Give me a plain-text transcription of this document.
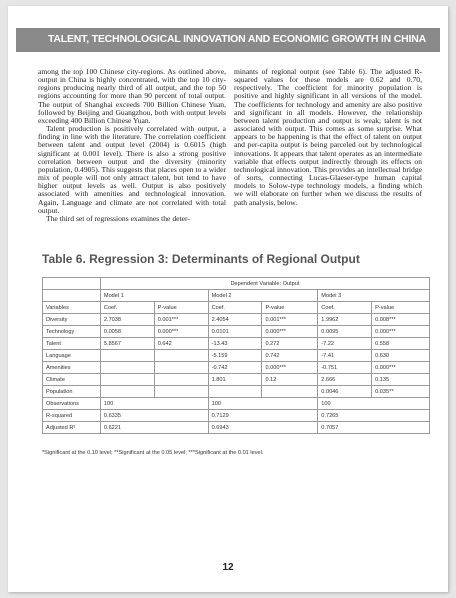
TALENT, TECHNOLOGICAL INNOVATION AND ECONOMIC GROWTH IN CHINA

among the top 100 Chinese city-regions. As outlined above, output in China is highly concentrated, with the top 10 city-regions producing nearly third of all output, and the top 50 regions accounting for more than 90 percent of total output. The output of Shanghai exceeds 700 Billion Chinese Yuan, followed by Beijing and Guangzhou, both with output levels exceeding 400 Billion Chinese Yuan.

Talent production is positively correlated with output, a finding in line with the literature. The correlation coefficient between talent and output level (2004) is 0.6015 (high significant at 0.001 level). There is also a strong positive correlation between output and the diversity (minority population, 0.4905). This suggests that places open to a wider mix of people will not only attract talent, but tend to have higher output levels as well. Output is also positively associated with amenities and technological innovation. Again, Language and climate are not correlated with total output.

The third set of regressions examines the deter-

minants of regional output (see Table 6). The adjusted R-squared values for these models are 0.62 and 0.70, respectively. The coefficient for minority population is positive and highly significant in all versions of the model. The coefficients for technology and amenity are also positive and significant in all models. However, the relationship between talent production and output is weak; talent is not associated with output. This comes as some surprise. What appears to be happening is that the effect of talent on output and per-capita output is being parceled out by technological innovations. It appears that talent operates as an intermediate variable that effects output indirectly through its effects on technological innovation. This provides an intellectual bridge of sorts, connecting Lucas-Glaeser-type human capital models to Solow-type technology models, a finding which we will elaborate on further when we discuss the results of path analysis, below.

Table 6. Regression 3: Determinants of Regional Output
	Dependent Variable: Output					
	Model 1		Model 2		Model 3	
Variables	Coef.	P-value	Coef.	P-value	Coef.	P-value
Diversity	2.7038	0.001***	2.4054	0.001***	1.9962	0.008***
Technology	0.0058	0.000***	0.0101	0.000***	0.0095	0.000***
Talent	5.8567	0.642	-13.43	0.272	-7.22	0.558
Language			-5.159	0.742	-7.41	0.630
Amenities			-0.742	0.000***	-0.751	0.000***
Climate			1.801	0.12	2.666	0.135
Population					0.0046	0.035**
Observations	100		100		100	
R-squared	0.6335		0.7129		0.7265	
Adjusted R²	0.6221		0.6943		0.7057	
*Significant at the 0.10 level; **Significant at the 0.05 level; ***Significant at the 0.01 level.
12
